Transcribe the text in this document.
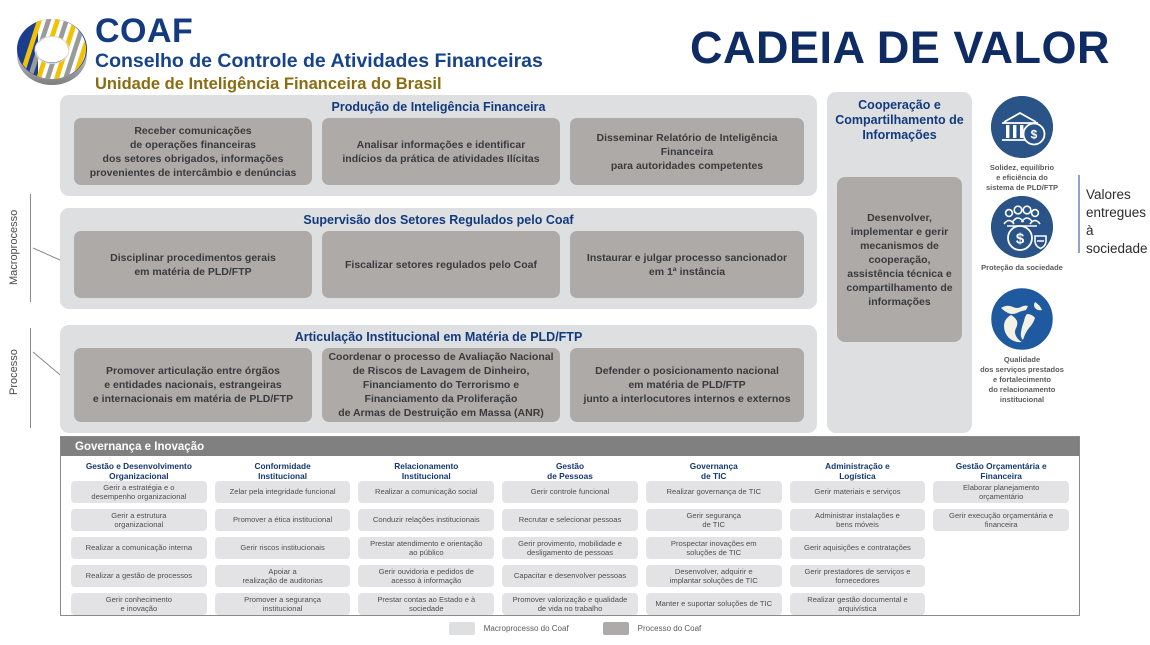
COAF
Conselho de Controle de Atividades Financeiras
Unidade de Inteligência Financeira do Brasil
CADEIA DE VALOR
Macroprocesso
Processo
Produção de Inteligência Financeira
Receber comunicações
de operações financeiras
dos setores obrigados, informações
provenientes de intercâmbio e denúncias
Analisar informações e identificar
indícios da prática de atividades Ilícitas
Disseminar Relatório de Inteligência Financeira
para autoridades competentes
Supervisão dos Setores Regulados pelo Coaf
Disciplinar procedimentos gerais
em matéria de PLD/FTP
Fiscalizar setores regulados pelo Coaf
Instaurar e julgar processo sancionador
em 1ª instância
Articulação Institucional em Matéria de PLD/FTP
Promover articulação entre órgãos
e entidades nacionais, estrangeiras
e internacionais em matéria de PLD/FTP
Coordenar o processo de Avaliação Nacional
de Riscos de Lavagem de Dinheiro,
Financiamento do Terrorismo e
Financiamento da Proliferação
de Armas de Destruição em Massa (ANR)
Defender o posicionamento nacional
em matéria de PLD/FTP
junto a interlocutores internos e externos
Cooperação e
Compartilhamento de
Informações
Desenvolver,
implementar e gerir
mecanismos de
cooperação,
assistência técnica e
compartilhamento de
informações
$
Solidez, equilíbrio
e eficiência do
sistema de PLD/FTP
$
Proteção da sociedade
Qualidade
dos serviços prestados
e fortalecimento
do relacionamento
institucional
Valores
entregues
à sociedade
Governança e Inovação
Gestão e Desenvolvimento
Organizacional
Gerir a estratégia e o
desempenho organizacional
Gerir a estrutura
organizacional
Realizar a comunicação interna
Realizar a gestão de processos
Gerir conhecimento
e inovação
Conformidade
Institucional
Zelar pela integridade funcional
Promover a ética institucional
Gerir riscos institucionais
Apoiar a
realização de auditorias
Promover a segurança
institucional
Relacionamento
Institucional
Realizar a comunicação social
Conduzir relações institucionais
Prestar atendimento e orientação
ao público
Gerir ouvidoria e pedidos de
acesso à informação
Prestar contas ao Estado e à
sociedade
Gestão
de Pessoas
Gerir controle funcional
Recrutar e selecionar pessoas
Gerir provimento, mobilidade e
desligamento de pessoas
Capacitar e desenvolver pessoas
Promover valorização e qualidade
de vida no trabalho
Governança
de TIC
Realizar governança de TIC
Gerir segurança
de TIC
Prospectar inovações em
soluções de TIC
Desenvolver, adquirir e
implantar soluções de TIC
Manter e suportar soluções de TIC
Administração e
Logística
Gerir materiais e serviços
Administrar instalações e
bens móveis
Gerir aquisições e contratações
Gerir prestadores de serviços e
fornecedores
Realizar gestão documental e
arquivística
Gestão Orçamentária e
Financeira
Elaborar planejamento
orçamentário
Gerir execução orçamentária e
financeira
Macroprocesso do Coaf	Processo do Coaf
